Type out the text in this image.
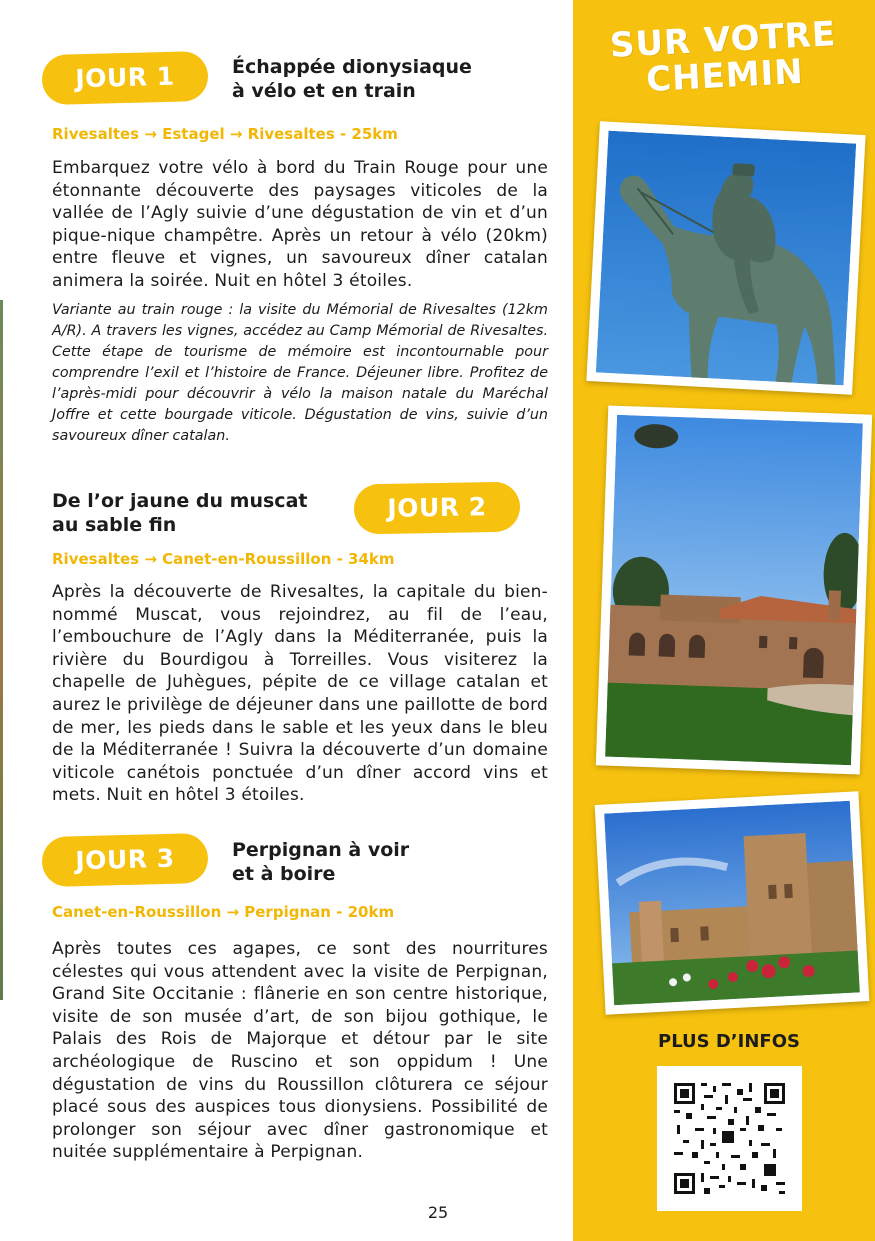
JOUR 1	Échappée dionysiaque
à vélo et en train
Rivesaltes → Estagel → Rivesaltes - 25km
Embarquez votre vélo à bord du Train Rouge pour une étonnante découverte des paysages viticoles de la vallée de l’Agly suivie d’une dégustation de vin et d’un pique-nique champêtre. Après un retour à vélo (20km) entre fleuve et vignes, un savoureux dîner catalan animera la soirée. Nuit en hôtel 3 étoiles.
Variante au train rouge : la visite du Mémorial de Rivesaltes (12km A/R). A travers les vignes, accédez au Camp Mémorial de Rivesaltes. Cette étape de tourisme de mémoire est incontournable pour comprendre l’exil et l’histoire de France. Déjeuner libre. Profitez de l’après-midi pour découvrir à vélo la maison natale du Maréchal Joffre et cette bourgade viticole. Dégustation de vins, suivie d’un savoureux dîner catalan.
De l’or jaune du muscat
au sable fin
JOUR 2
Rivesaltes → Canet-en-Roussillon - 34km
Après la découverte de Rivesaltes, la capitale du bien-nommé Muscat, vous rejoindrez, au fil de l’eau, l’embouchure de l’Agly dans la Méditerranée, puis la rivière du Bourdigou à Torreilles. Vous visiterez la chapelle de Juhègues, pépite de ce village catalan et aurez le privilège de déjeuner dans une paillotte de bord de mer, les pieds dans le sable et les yeux dans le bleu de la Méditerranée ! Suivra la découverte d’un domaine viticole canétois ponctuée d’un dîner accord vins et mets. Nuit en hôtel 3 étoiles.
JOUR 3	Perpignan à voir
et à boire
Canet-en-Roussillon → Perpignan - 20km
Après toutes ces agapes, ce sont des nourritures célestes qui vous attendent avec la visite de Perpignan, Grand Site Occitanie : flânerie en son centre historique, visite de son musée d’art, de son bijou gothique, le Palais des Rois de Majorque et détour par le site archéologique de Ruscino et son oppidum ! Une dégustation de vins du Roussillon clôturera ce séjour placé sous des auspices tous dionysiens. Possibilité de prolonger son séjour avec dîner gastronomique et nuitée supplémentaire à Perpignan.
25
SUR VOTRE
CHEMIN
PLUS D’INFOS
